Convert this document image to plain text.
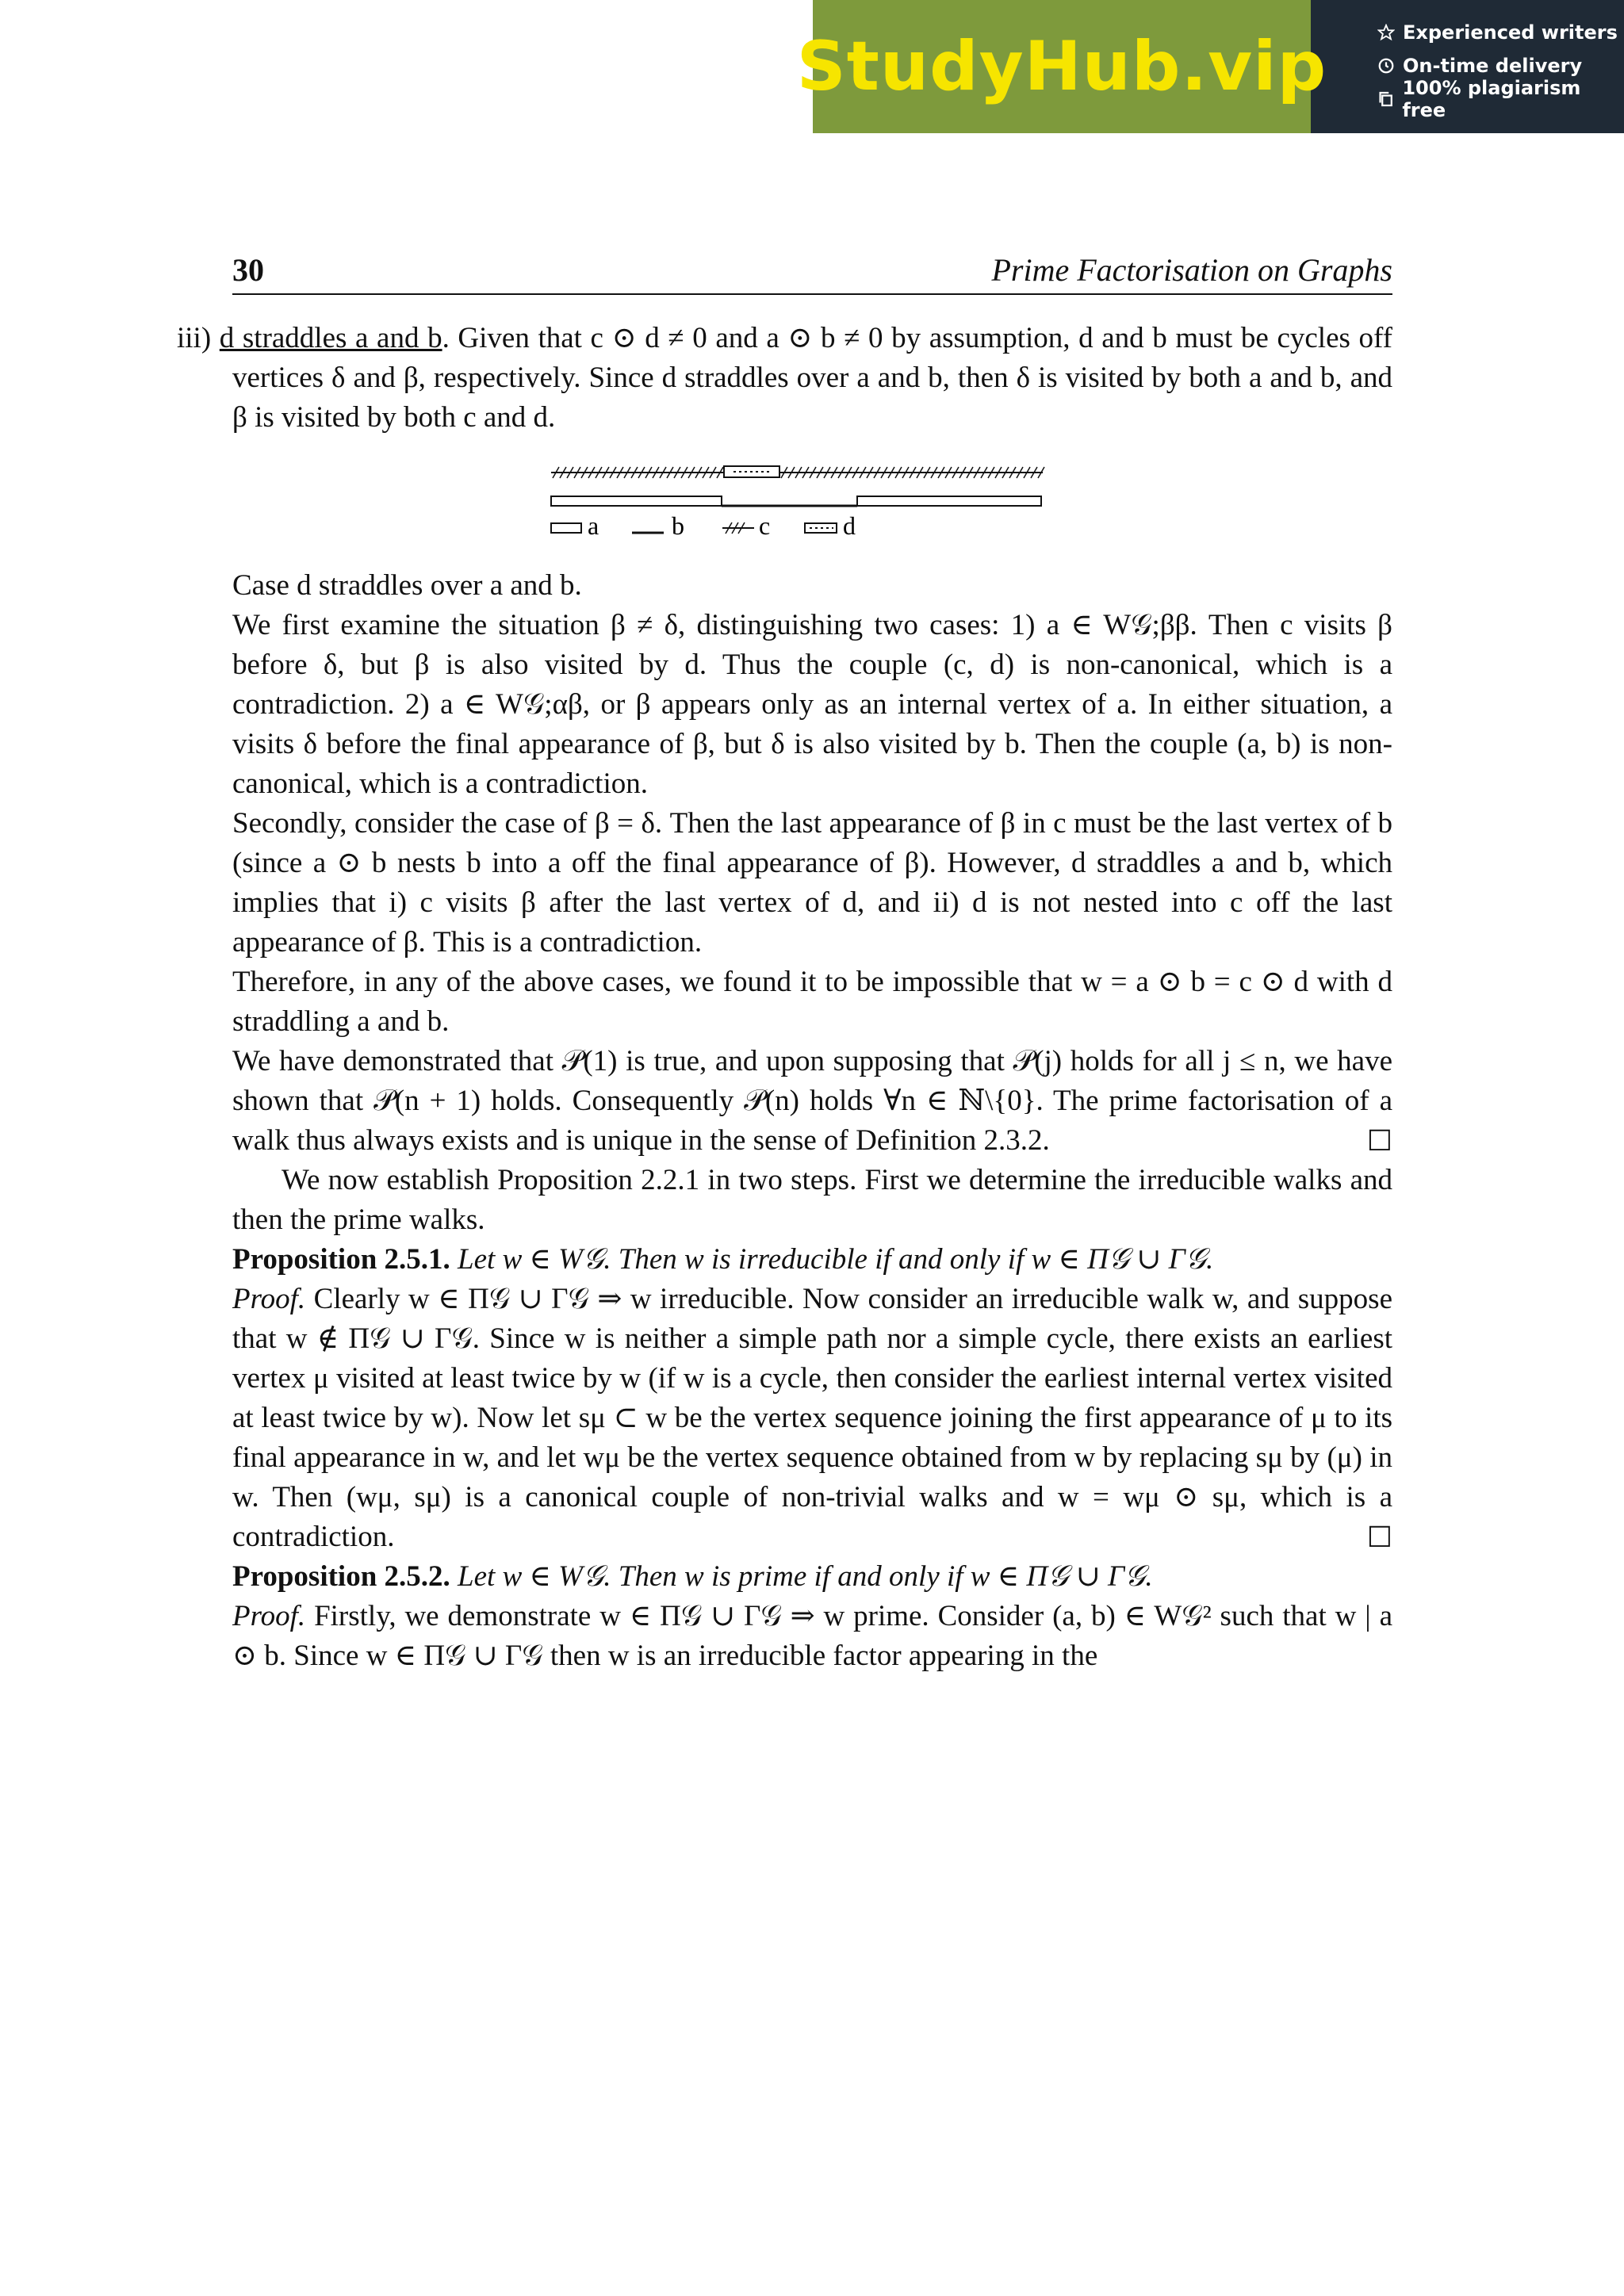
StudyHub.vip	Experienced writers
On-time delivery
100% plagiarism free
30	Prime Factorisation on Graphs

iii) d straddles a and b. Given that c ⊙ d ≠ 0 and a ⊙ b ≠ 0 by assumption, d and b must be cycles off vertices δ and β, respectively. Since d straddles over a and b, then δ is visited by both a and b, and β is visited by both c and d.

a	b	c	d

Case d straddles over a and b.

We first examine the situation β ≠ δ, distinguishing two cases: 1) a ∈ W𝒢;ββ. Then c visits β before δ, but β is also visited by d. Thus the couple (c, d) is non-canonical, which is a contradiction. 2) a ∈ W𝒢;αβ, or β appears only as an internal vertex of a. In either situation, a visits δ before the final appearance of β, but δ is also visited by b. Then the couple (a, b) is non-canonical, which is a contradiction.

Secondly, consider the case of β = δ. Then the last appearance of β in c must be the last vertex of b (since a ⊙ b nests b into a off the final appearance of β). However, d straddles a and b, which implies that i) c visits β after the last vertex of d, and ii) d is not nested into c off the last appearance of β. This is a contradiction.

Therefore, in any of the above cases, we found it to be impossible that w = a ⊙ b = c ⊙ d with d straddling a and b.

We have demonstrated that 𝒫(1) is true, and upon supposing that 𝒫(j) holds for all j ≤ n, we have shown that 𝒫(n + 1) holds. Consequently 𝒫(n) holds ∀n ∈ ℕ\{0}. The prime factorisation of a walk thus always exists and is unique in the sense of Definition 2.3.2.	☐

We now establish Proposition 2.2.1 in two steps. First we determine the irreducible walks and then the prime walks.

Proposition 2.5.1. Let w ∈ W𝒢. Then w is irreducible if and only if w ∈ Π𝒢 ∪ Γ𝒢.

Proof. Clearly w ∈ Π𝒢 ∪ Γ𝒢 ⇒ w irreducible. Now consider an irreducible walk w, and suppose that w ∉ Π𝒢 ∪ Γ𝒢. Since w is neither a simple path nor a simple cycle, there exists an earliest vertex μ visited at least twice by w (if w is a cycle, then consider the earliest internal vertex visited at least twice by w). Now let sμ ⊂ w be the vertex sequence joining the first appearance of μ to its final appearance in w, and let wμ be the vertex sequence obtained from w by replacing sμ by (μ) in w. Then (wμ, sμ) is a canonical couple of non-trivial walks and w = wμ ⊙ sμ, which is a contradiction.	☐

Proposition 2.5.2. Let w ∈ W𝒢. Then w is prime if and only if w ∈ Π𝒢 ∪ Γ𝒢.

Proof. Firstly, we demonstrate w ∈ Π𝒢 ∪ Γ𝒢 ⇒ w prime. Consider (a, b) ∈ W𝒢² such that w | a ⊙ b. Since w ∈ Π𝒢 ∪ Γ𝒢 then w is an irreducible factor appearing in the
